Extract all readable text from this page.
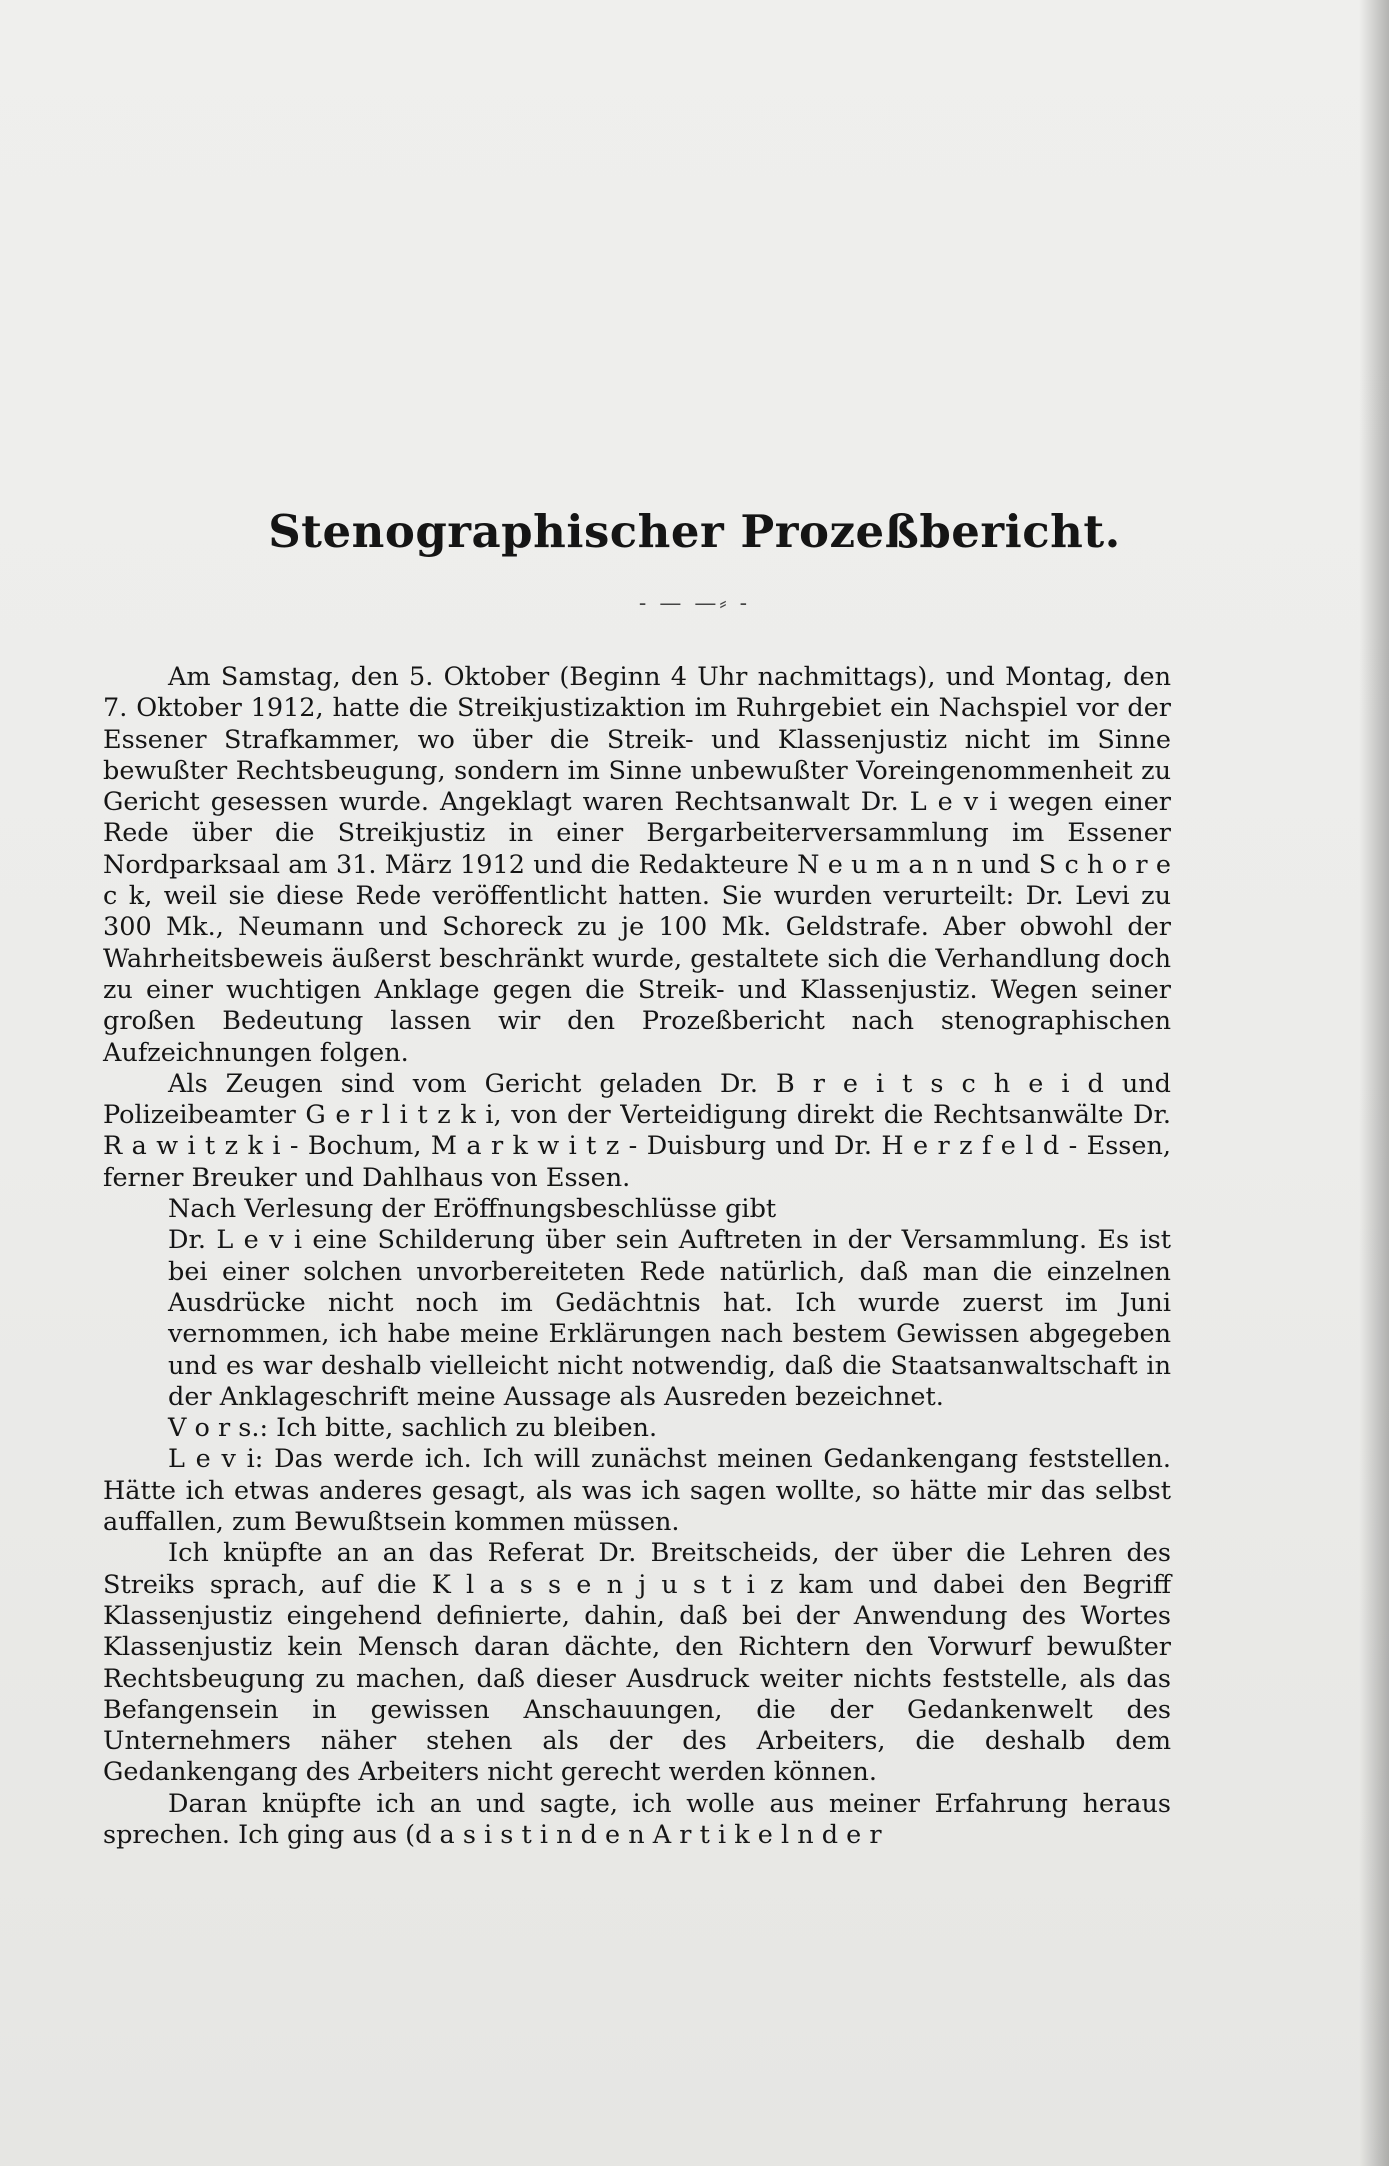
Stenographischer Prozeßbericht.
- — —⸗ -

Am Samstag, den 5. Oktober (Beginn 4 Uhr nachmittags), und Montag, den 7. Oktober 1912, hatte die Streikjustizaktion im Ruhrgebiet ein Nachspiel vor der Essener Strafkammer, wo über die Streik- und Klassenjustiz nicht im Sinne bewußter Rechtsbeugung, sondern im Sinne unbewußter Voreingenommenheit zu Gericht gesessen wurde. Angeklagt waren Rechtsanwalt Dr. L e v i wegen einer Rede über die Streikjustiz in einer Bergarbeiterversammlung im Essener Nordparksaal am 31. März 1912 und die Redakteure N e u m a n n und S c h o r e c k, weil sie diese Rede veröffentlicht hatten. Sie wurden verurteilt: Dr. Levi zu 300 Mk., Neumann und Schoreck zu je 100 Mk. Geldstrafe. Aber obwohl der Wahrheitsbeweis äußerst beschränkt wurde, gestaltete sich die Verhandlung doch zu einer wuchtigen Anklage gegen die Streik- und Klassenjustiz. Wegen seiner großen Bedeutung lassen wir den Prozeßbericht nach stenographischen Aufzeichnungen folgen.

Als Zeugen sind vom Gericht geladen Dr. B r e i t s c h e i d und Polizeibeamter G e r l i t z k i, von der Verteidigung direkt die Rechtsanwälte Dr. R a w i t z k i - Bochum, M a r k w i t z - Duisburg und Dr. H e r z f e l d - Essen, ferner Breuker und Dahlhaus von Essen.

Nach Verlesung der Eröffnungsbeschlüsse gibt

Dr. L e v i eine Schilderung über sein Auftreten in der Versammlung. Es ist bei einer solchen unvorbereiteten Rede natürlich, daß man die einzelnen Ausdrücke nicht noch im Gedächtnis hat. Ich wurde zuerst im Juni vernommen, ich habe meine Erklärungen nach bestem Gewissen abgegeben und es war deshalb vielleicht nicht notwendig, daß die Staatsanwaltschaft in der Anklageschrift meine Aussage als Ausreden bezeichnet.

V o r s.: Ich bitte, sachlich zu bleiben.

L e v i: Das werde ich. Ich will zunächst meinen Gedankengang feststellen. Hätte ich etwas anderes gesagt, als was ich sagen wollte, so hätte mir das selbst auffallen, zum Bewußtsein kommen müssen.

Ich knüpfte an an das Referat Dr. Breitscheids, der über die Lehren des Streiks sprach, auf die K l a s s e n j u s t i z kam und dabei den Begriff Klassenjustiz eingehend definierte, dahin, daß bei der Anwendung des Wortes Klassenjustiz kein Mensch daran dächte, den Richtern den Vorwurf bewußter Rechtsbeugung zu machen, daß dieser Ausdruck weiter nichts feststelle, als das Befangensein in gewissen Anschauungen, die der Gedankenwelt des Unternehmers näher stehen als der des Arbeiters, die deshalb dem Gedankengang des Arbeiters nicht gerecht werden können.

Daran knüpfte ich an und sagte, ich wolle aus meiner Erfahrung heraus sprechen. Ich ging aus (d a s i s t i n d e n A r t i k e l n d e r
